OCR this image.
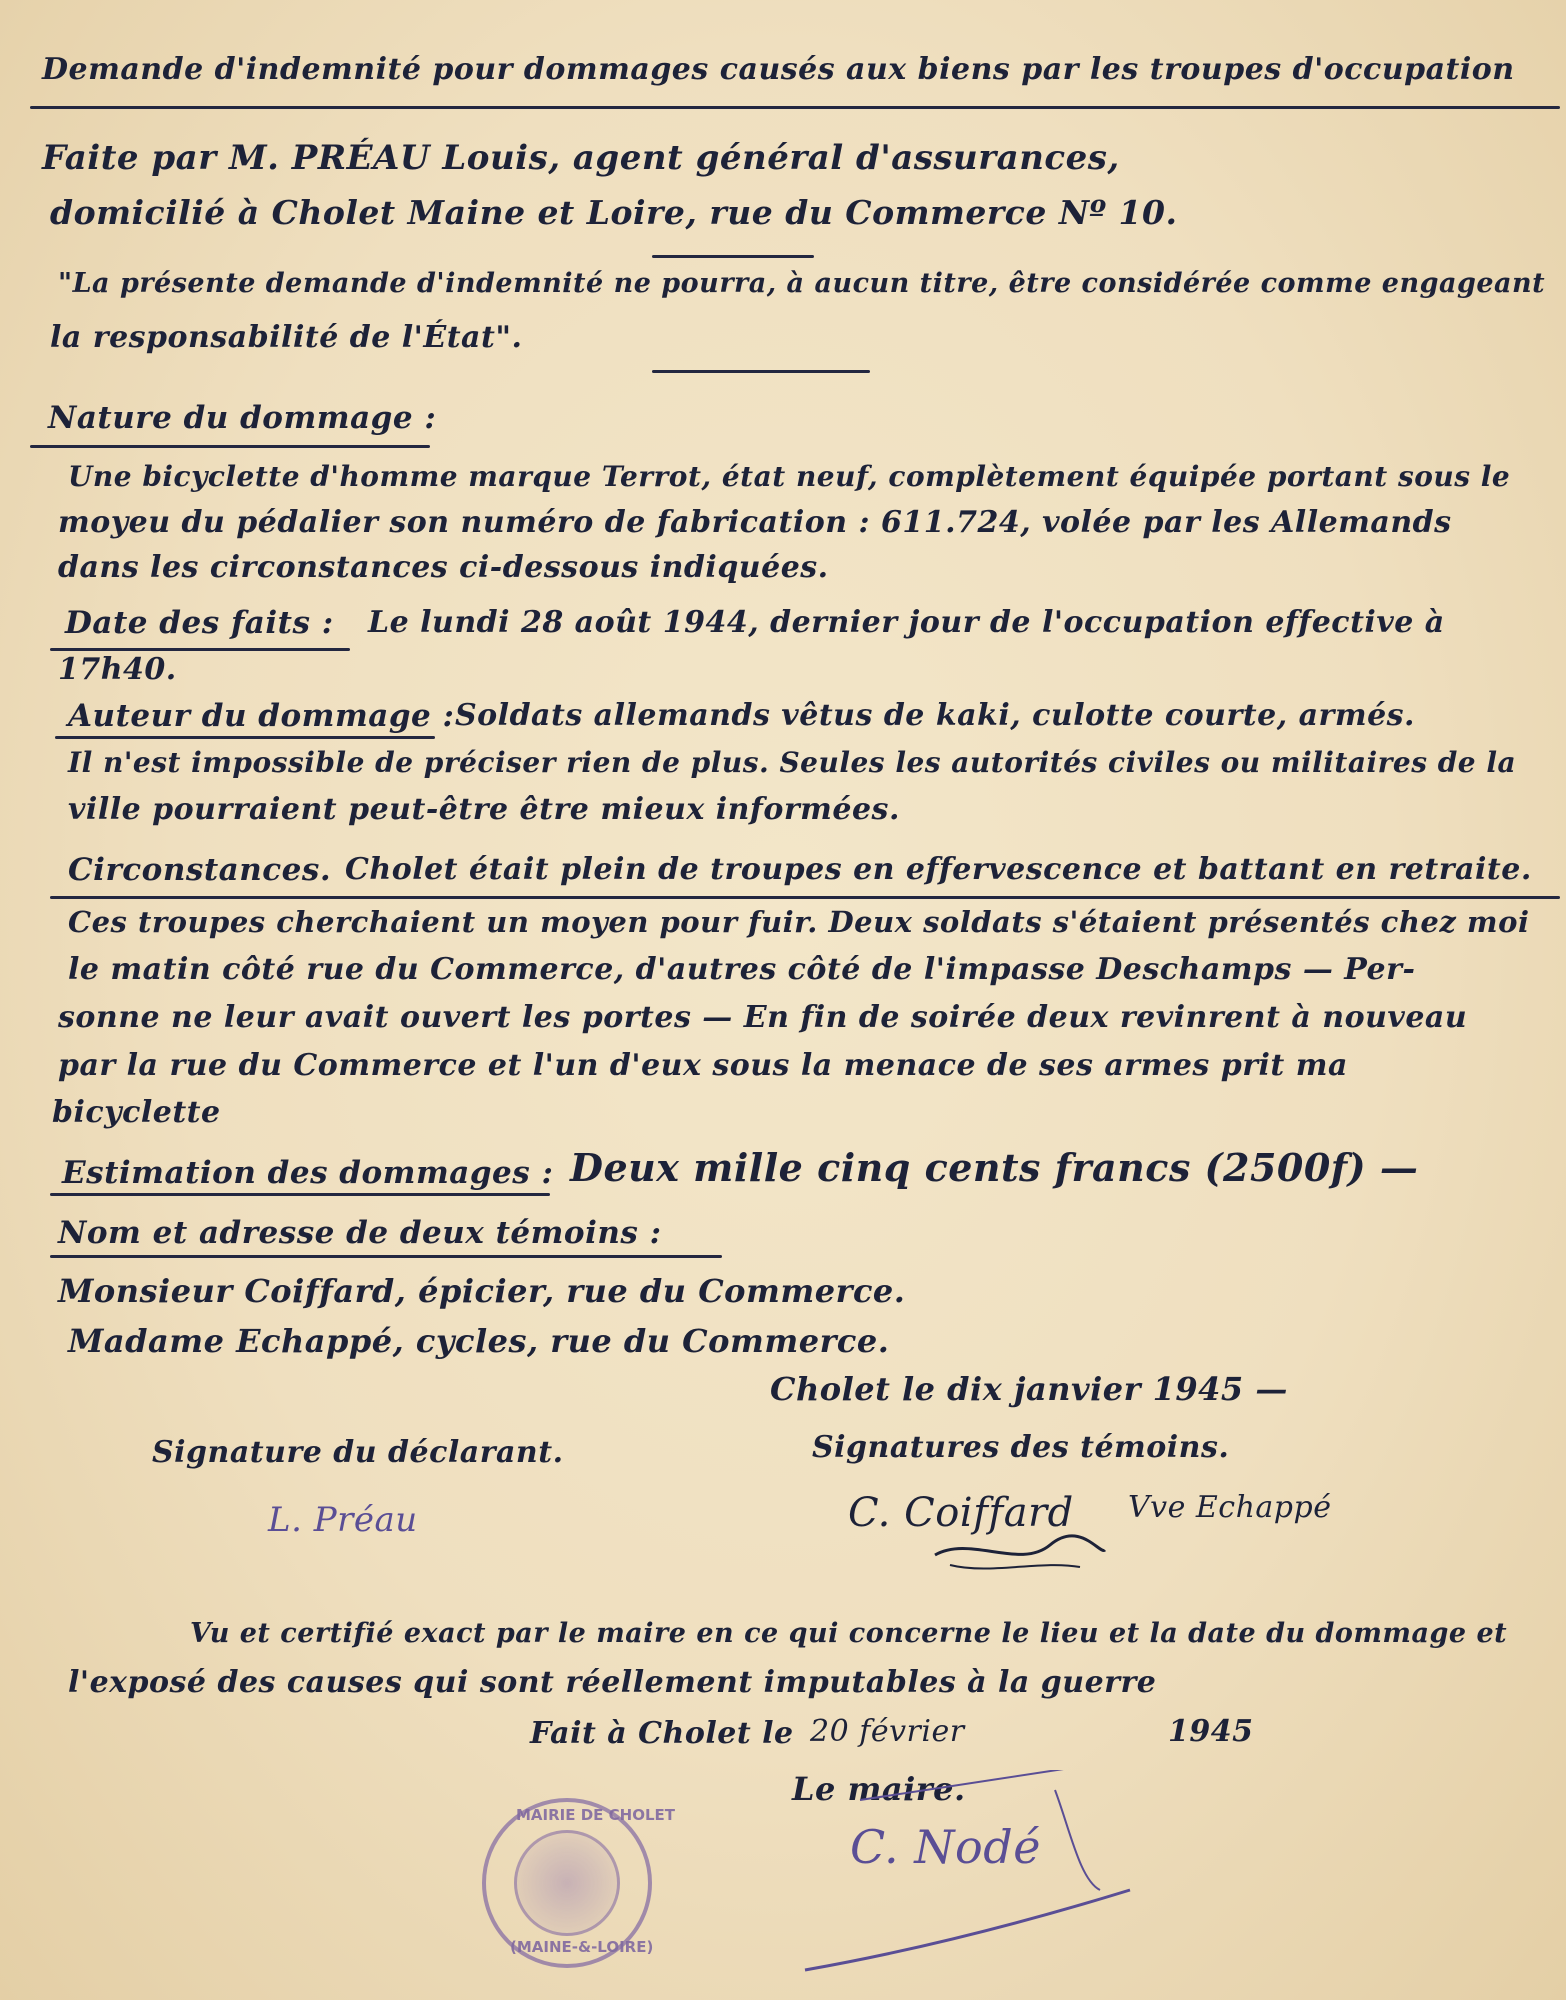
Demande d'indemnité pour dommages causés aux biens par les troupes d'occupation
Faite par M. PRÉAU Louis, agent général d'assurances,
domicilié à Cholet Maine et Loire, rue du Commerce Nº 10.
"La présente demande d'indemnité ne pourra, à aucun titre, être considérée comme engageant
la responsabilité de l'État".
Nature du dommage :
Une bicyclette d'homme marque Terrot, état neuf, complètement équipée portant sous le
moyeu du pédalier son numéro de fabrication : 611.724, volée par les Allemands
dans les circonstances ci-dessous indiquées.
Date des faits : Le lundi 28 août 1944, dernier jour de l'occupation effective à
17h40.
Auteur du dommage : Soldats allemands vêtus de kaki, culotte courte, armés.
Il n'est impossible de préciser rien de plus. Seules les autorités civiles ou militaires de la
ville pourraient peut-être être mieux informées.
Circonstances. Cholet était plein de troupes en effervescence et battant en retraite.
Ces troupes cherchaient un moyen pour fuir. Deux soldats s'étaient présentés chez moi
le matin côté rue du Commerce, d'autres côté de l'impasse Deschamps — Per-
sonne ne leur avait ouvert les portes — En fin de soirée deux revinrent à nouveau
par la rue du Commerce et l'un d'eux sous la menace de ses armes prit ma
bicyclette
Estimation des dommages : Deux mille cinq cents francs (2500f) —
Nom et adresse de deux témoins :
Monsieur Coiffard, épicier, rue du Commerce.
Madame Echappé, cycles, rue du Commerce.
Cholet le dix janvier 1945 —
Signature du déclarant.	Signatures des témoins.
L. Préau	C. Coiffard Vve Echappé
Vu et certifié exact par le maire en ce qui concerne le lieu et la date du dommage et
l'exposé des causes qui sont réellement imputables à la guerre
Fait à Cholet le 20 février	1945
Le maire.
C. Nodé
MAIRIE DE CHOLET
(MAINE-&-LOIRE)
